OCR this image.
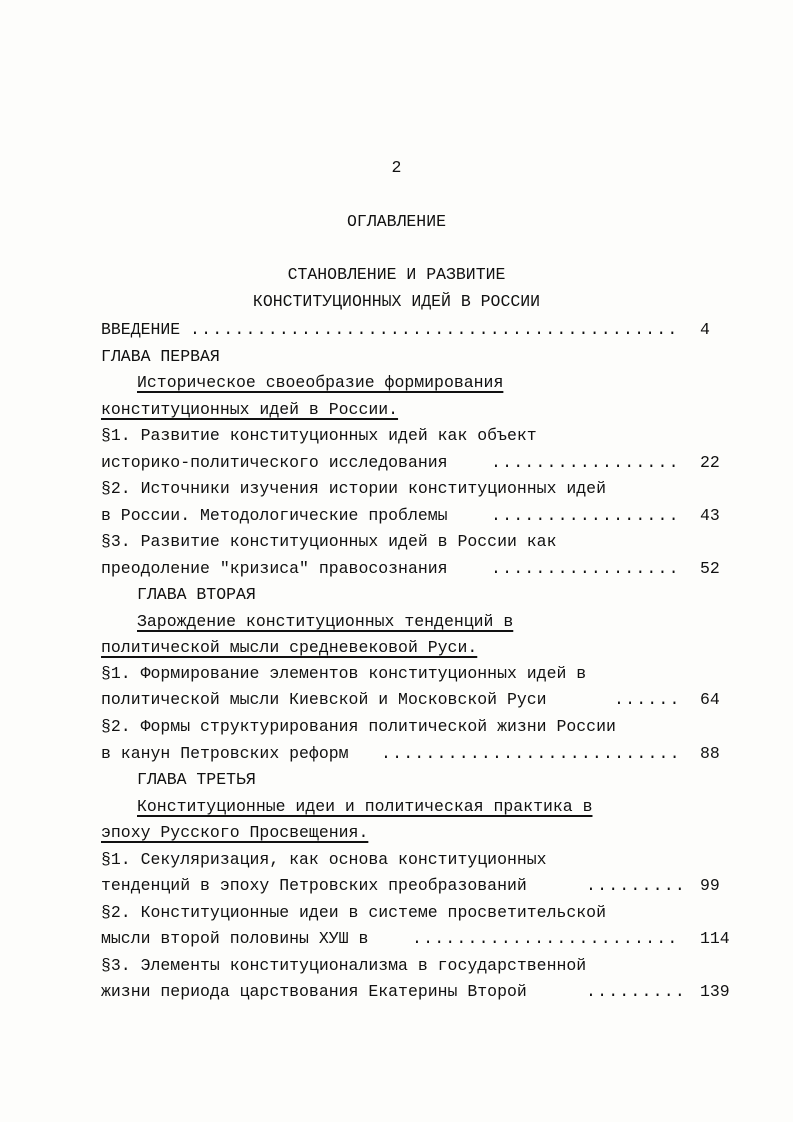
2
ОГЛАВЛЕНИЕ
СТАНОВЛЕНИЕ И РАЗВИТИЕ
КОНСТИТУЦИОННЫХ ИДЕЙ В РОССИИ
ВВЕДЕНИЕ .....	4
ГЛАВА ПЕРВАЯ
Историческое своеобразие формирования
конституционных идей в России.
§1. Развитие конституционных идей как объект
историко-политического исследования .....	22
§2. Источники изучения истории конституционных идей
в России. Методологические проблемы .....	43
§3. Развитие конституционных идей в России как
преодоление "кризиса" правосознания .....	52
ГЛАВА ВТОРАЯ
Зарождение конституционных тенденций в
политической мысли средневековой Руси.
§1. Формирование элементов конституционных идей в
политической мысли Киевской и Московской Руси .....	64
§2. Формы структурирования политической жизни России
в канун Петровских реформ .....	88
ГЛАВА ТРЕТЬЯ
Конституционные идеи и политическая практика в
эпоху Русского Просвещения.
§1. Секуляризация, как основа конституционных
тенденций в эпоху Петровских преобразований .....	99
§2. Конституционные идеи в системе просветительской
мысли второй половины ХУШ в .....	114
§3. Элементы конституционализма в государственной
жизни периода царствования Екатерины Второй .....	139
